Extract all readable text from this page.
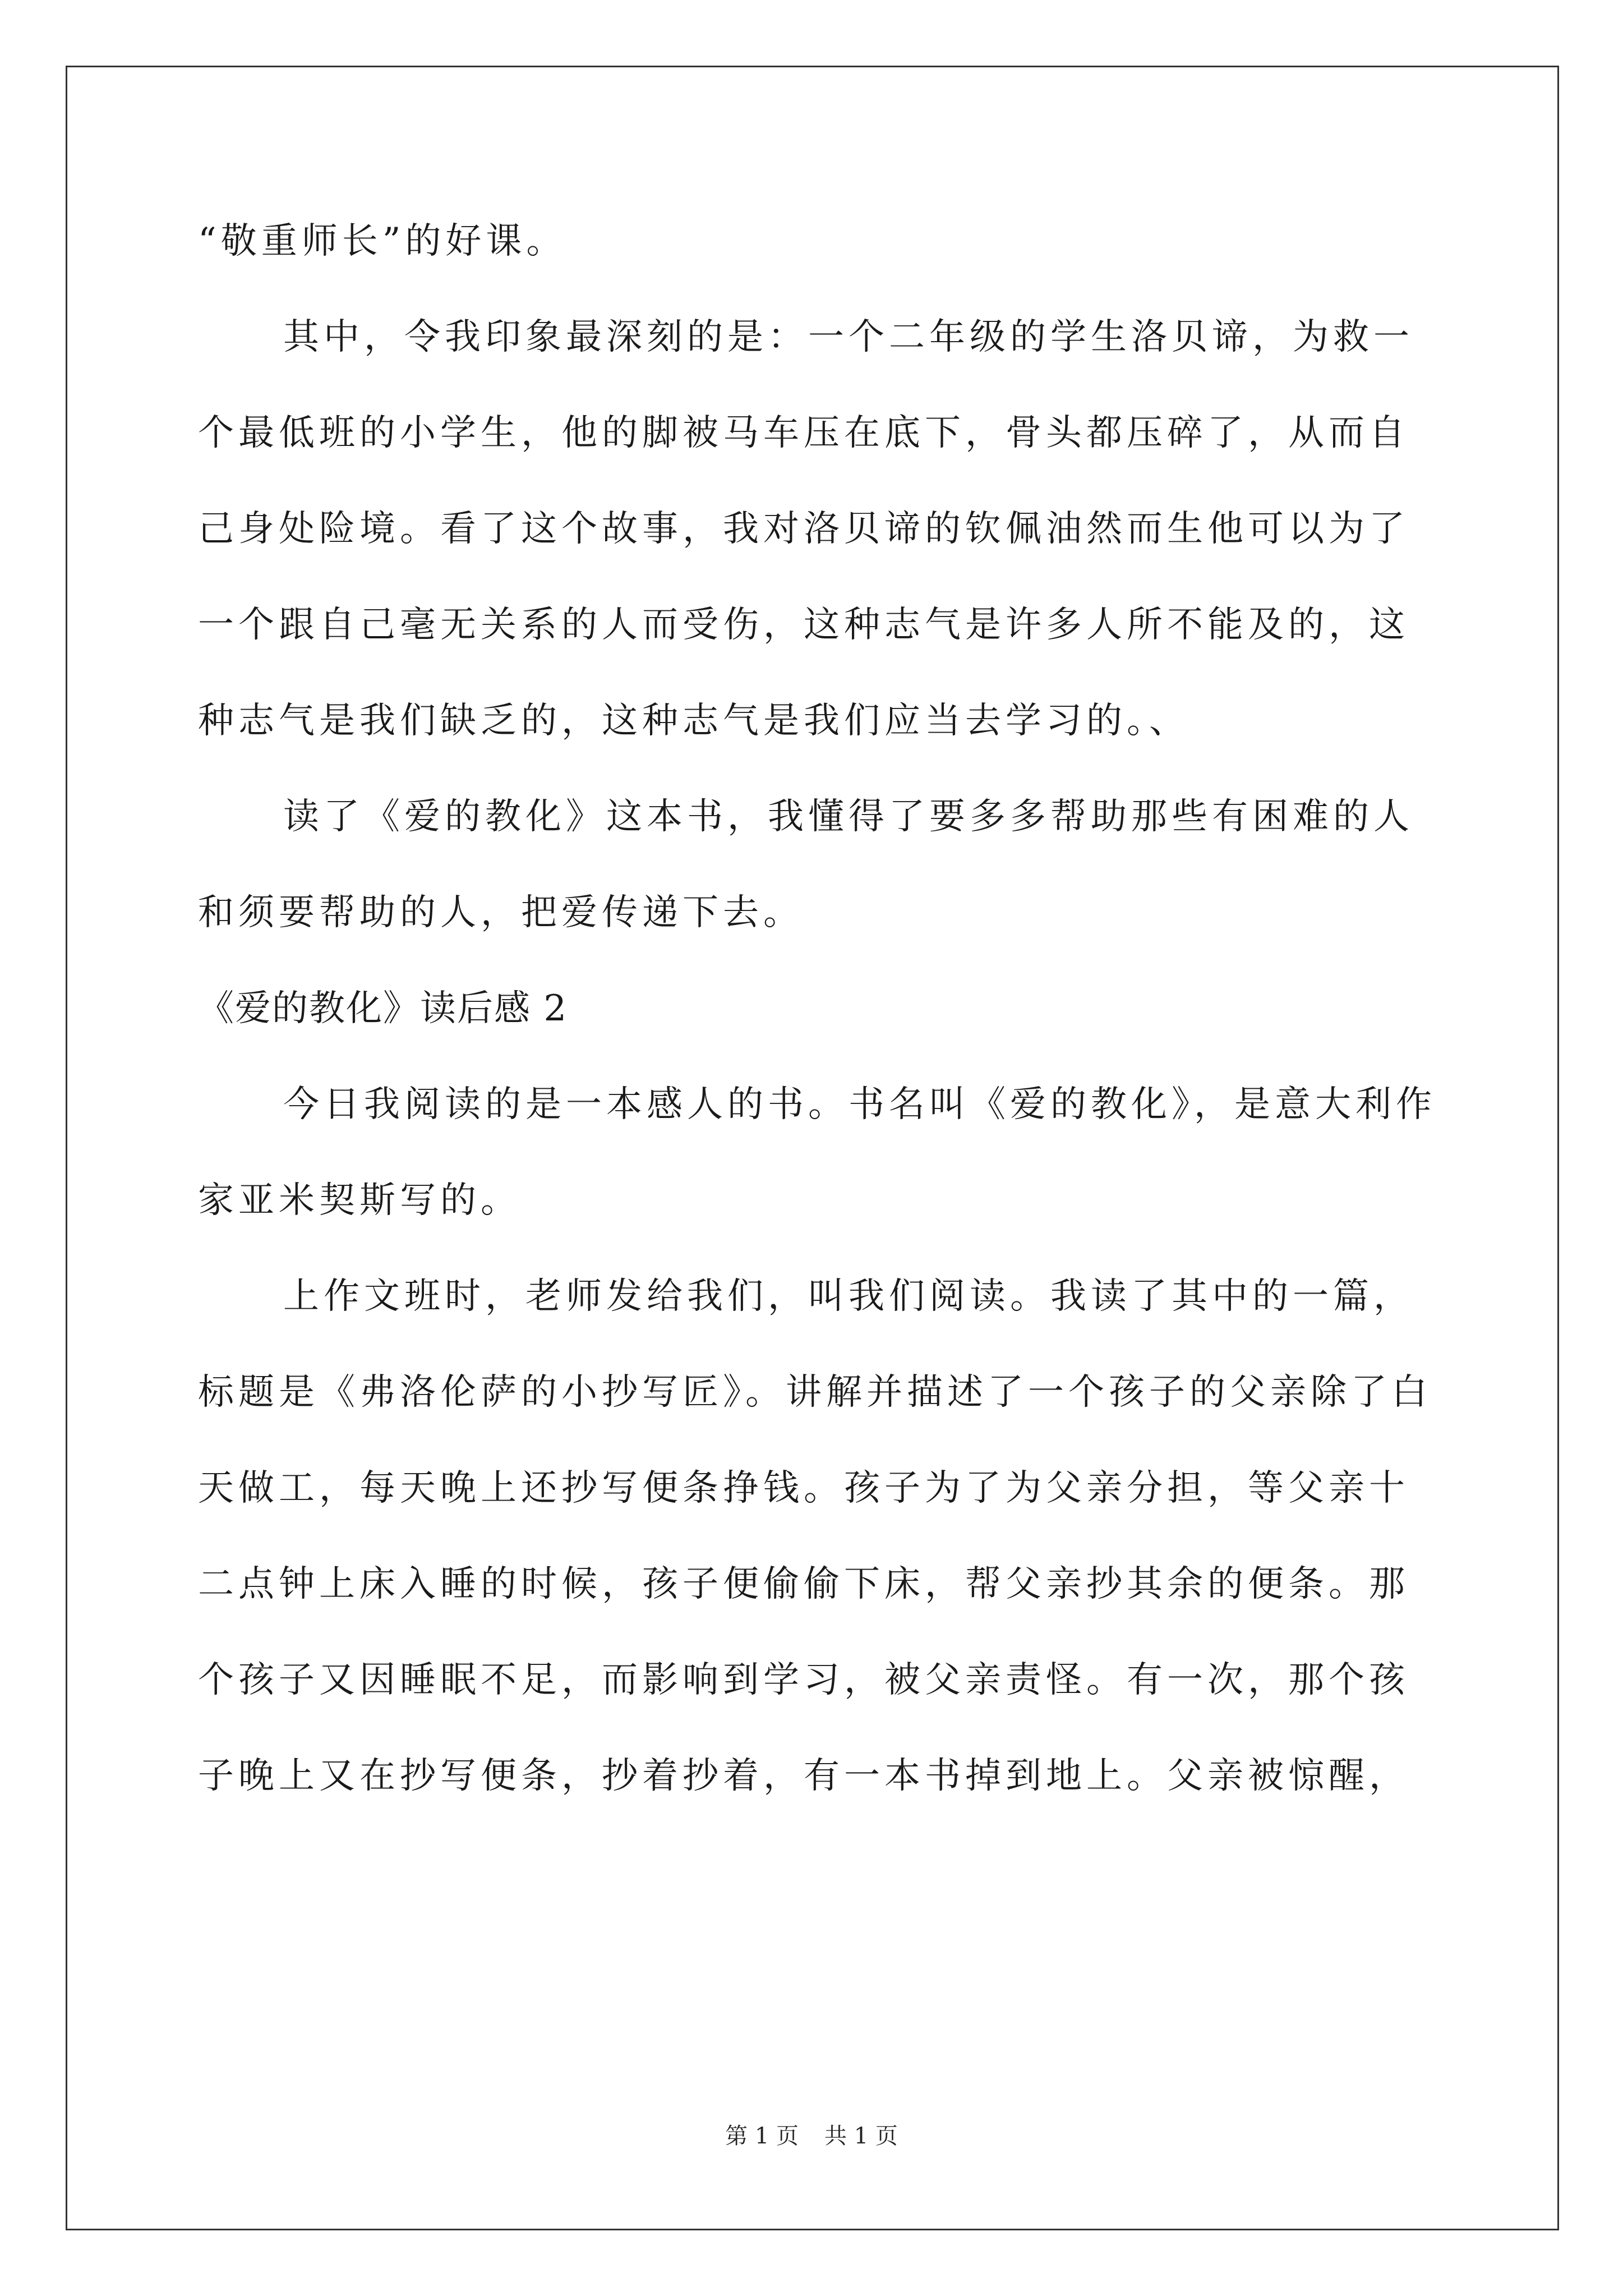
“敬重师长”的好课。
其中，令我印象最深刻的是：一个二年级的学生洛贝谛，为救一
个最低班的小学生，他的脚被马车压在底下，骨头都压碎了，从而自
己身处险境。看了这个故事，我对洛贝谛的钦佩油然而生他可以为了
一个跟自己毫无关系的人而受伤，这种志气是许多人所不能及的，这
种志气是我们缺乏的，这种志气是我们应当去学习的。、
读了《爱的教化》这本书，我懂得了要多多帮助那些有困难的人
和须要帮助的人，把爱传递下去。
《爱的教化》读后感 2
今日我阅读的是一本感人的书。书名叫《爱的教化》，是意大利作
家亚米契斯写的。
上作文班时，老师发给我们，叫我们阅读。我读了其中的一篇，
标题是《弗洛伦萨的小抄写匠》。讲解并描述了一个孩子的父亲除了白
天做工，每天晚上还抄写便条挣钱。孩子为了为父亲分担，等父亲十
二点钟上床入睡的时候，孩子便偷偷下床，帮父亲抄其余的便条。那
个孩子又因睡眠不足，而影响到学习，被父亲责怪。有一次，那个孩
子晚上又在抄写便条，抄着抄着，有一本书掉到地上。父亲被惊醒，
第 1 页 共 1 页
